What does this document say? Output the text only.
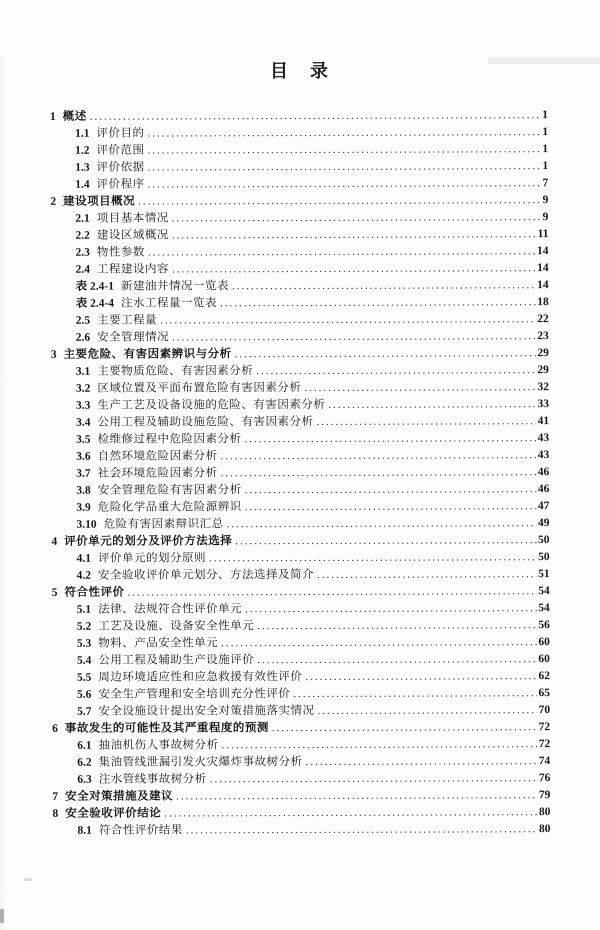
目　录
1 概述 .....	1
1.1 评价目的 .....	1
1.2 评价范围 .....	1
1.3 评价依据 .....	1
1.4 评价程序 .....	7
2 建设项目概况 .....	9
2.1 项目基本情况 .....	9
2.2 建设区域概况 .....	11
2.3 物性参数 .....	14
2.4 工程建设内容 .....	14
表 2.4-1 新建油井情况一览表 .....	14
表 2.4-4 注水工程量一览表 .....	18
2.5 主要工程量 .....	22
2.6 安全管理情况 .....	23
3 主要危险、有害因素辨识与分析 .....	29
3.1 主要物质危险、有害因素分析 .....	29
3.2 区域位置及平面布置危险有害因素分析 .....	32
3.3 生产工艺及设备设施的危险、有害因素分析 .....	33
3.4 公用工程及辅助设施危险、有害因素分析 .....	41
3.5 检维修过程中危险因素分析 .....	43
3.6 自然环境危险因素分析 .....	43
3.7 社会环境危险因素分析 .....	46
3.8 安全管理危险有害因素分析 .....	46
3.9 危险化学品重大危险源辨识 .....	47
3.10 危险有害因素辩识汇总 .....	49
4 评价单元的划分及评价方法选择 .....	50
4.1 评价单元的划分原则 .....	50
4.2 安全验收评价单元划分、方法选择及简介 .....	51
5 符合性评价 .....	54
5.1 法律、法规符合性评价单元 .....	54
5.2 工艺及设施、设备安全性单元 .....	56
5.3 物料、产品安全性单元 .....	60
5.4 公用工程及辅助生产设施评价 .....	60
5.5 周边环境适应性和应急救援有效性评价 .....	62
5.6 安全生产管理和安全培训充分性评价 .....	65
5.7 安全设施设计提出安全对策措施落实情况 .....	70
6 事故发生的可能性及其严重程度的预测 .....	72
6.1 抽油机伤人事故树分析 .....	72
6.2 集油管线泄漏引发火灾爆炸事故树分析 .....	74
6.3 注水管线事故树分析 .....	76
7 安全对策措施及建议 .....	79
8 安全验收评价结论 .....	80
8.1 符合性评价结果 .....	80
